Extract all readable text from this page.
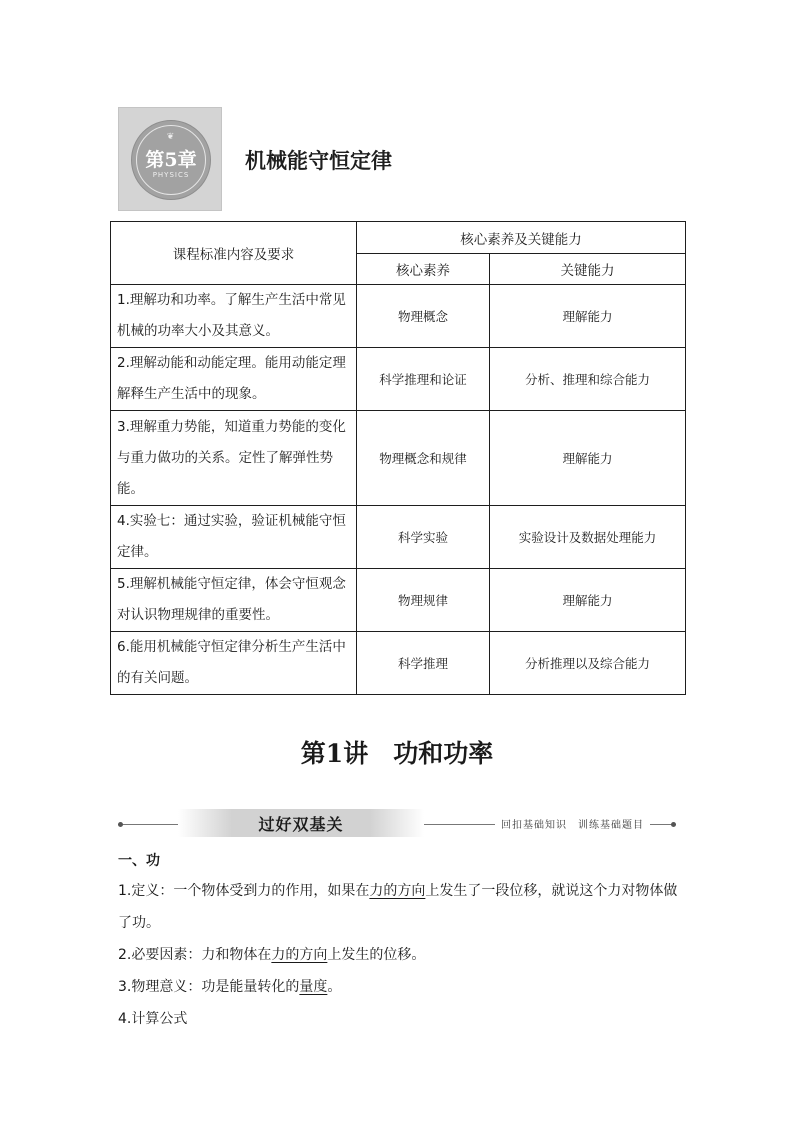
❦
第5章
PHYSICS
机械能守恒定律
课程标准内容及要求	核心素养及关键能力	
	核心素养	关键能力
1.理解功和功率。了解生产生活中常见机械的功率大小及其意义。	物理概念	理解能力
2.理解动能和动能定理。能用动能定理解释生产生活中的现象。	科学推理和论证	分析、推理和综合能力
3.理解重力势能，知道重力势能的变化与重力做功的关系。定性了解弹性势能。	物理概念和规律	理解能力
4.实验七：通过实验，验证机械能守恒定律。	科学实验	实验设计及数据处理能力
5.理解机械能守恒定律，体会守恒观念对认识物理规律的重要性。	物理规律	理解能力
6.能用机械能守恒定律分析生产生活中的有关问题。	科学推理	分析推理以及综合能力
第1讲　功和功率
过好双基关	回扣基础知识　训练基础题目
一、功

1.定义：一个物体受到力的作用，如果在力的方向上发生了一段位移，就说这个力对物体做了功。

2.必要因素：力和物体在力的方向上发生的位移。

3.物理意义：功是能量转化的量度。

4.计算公式
